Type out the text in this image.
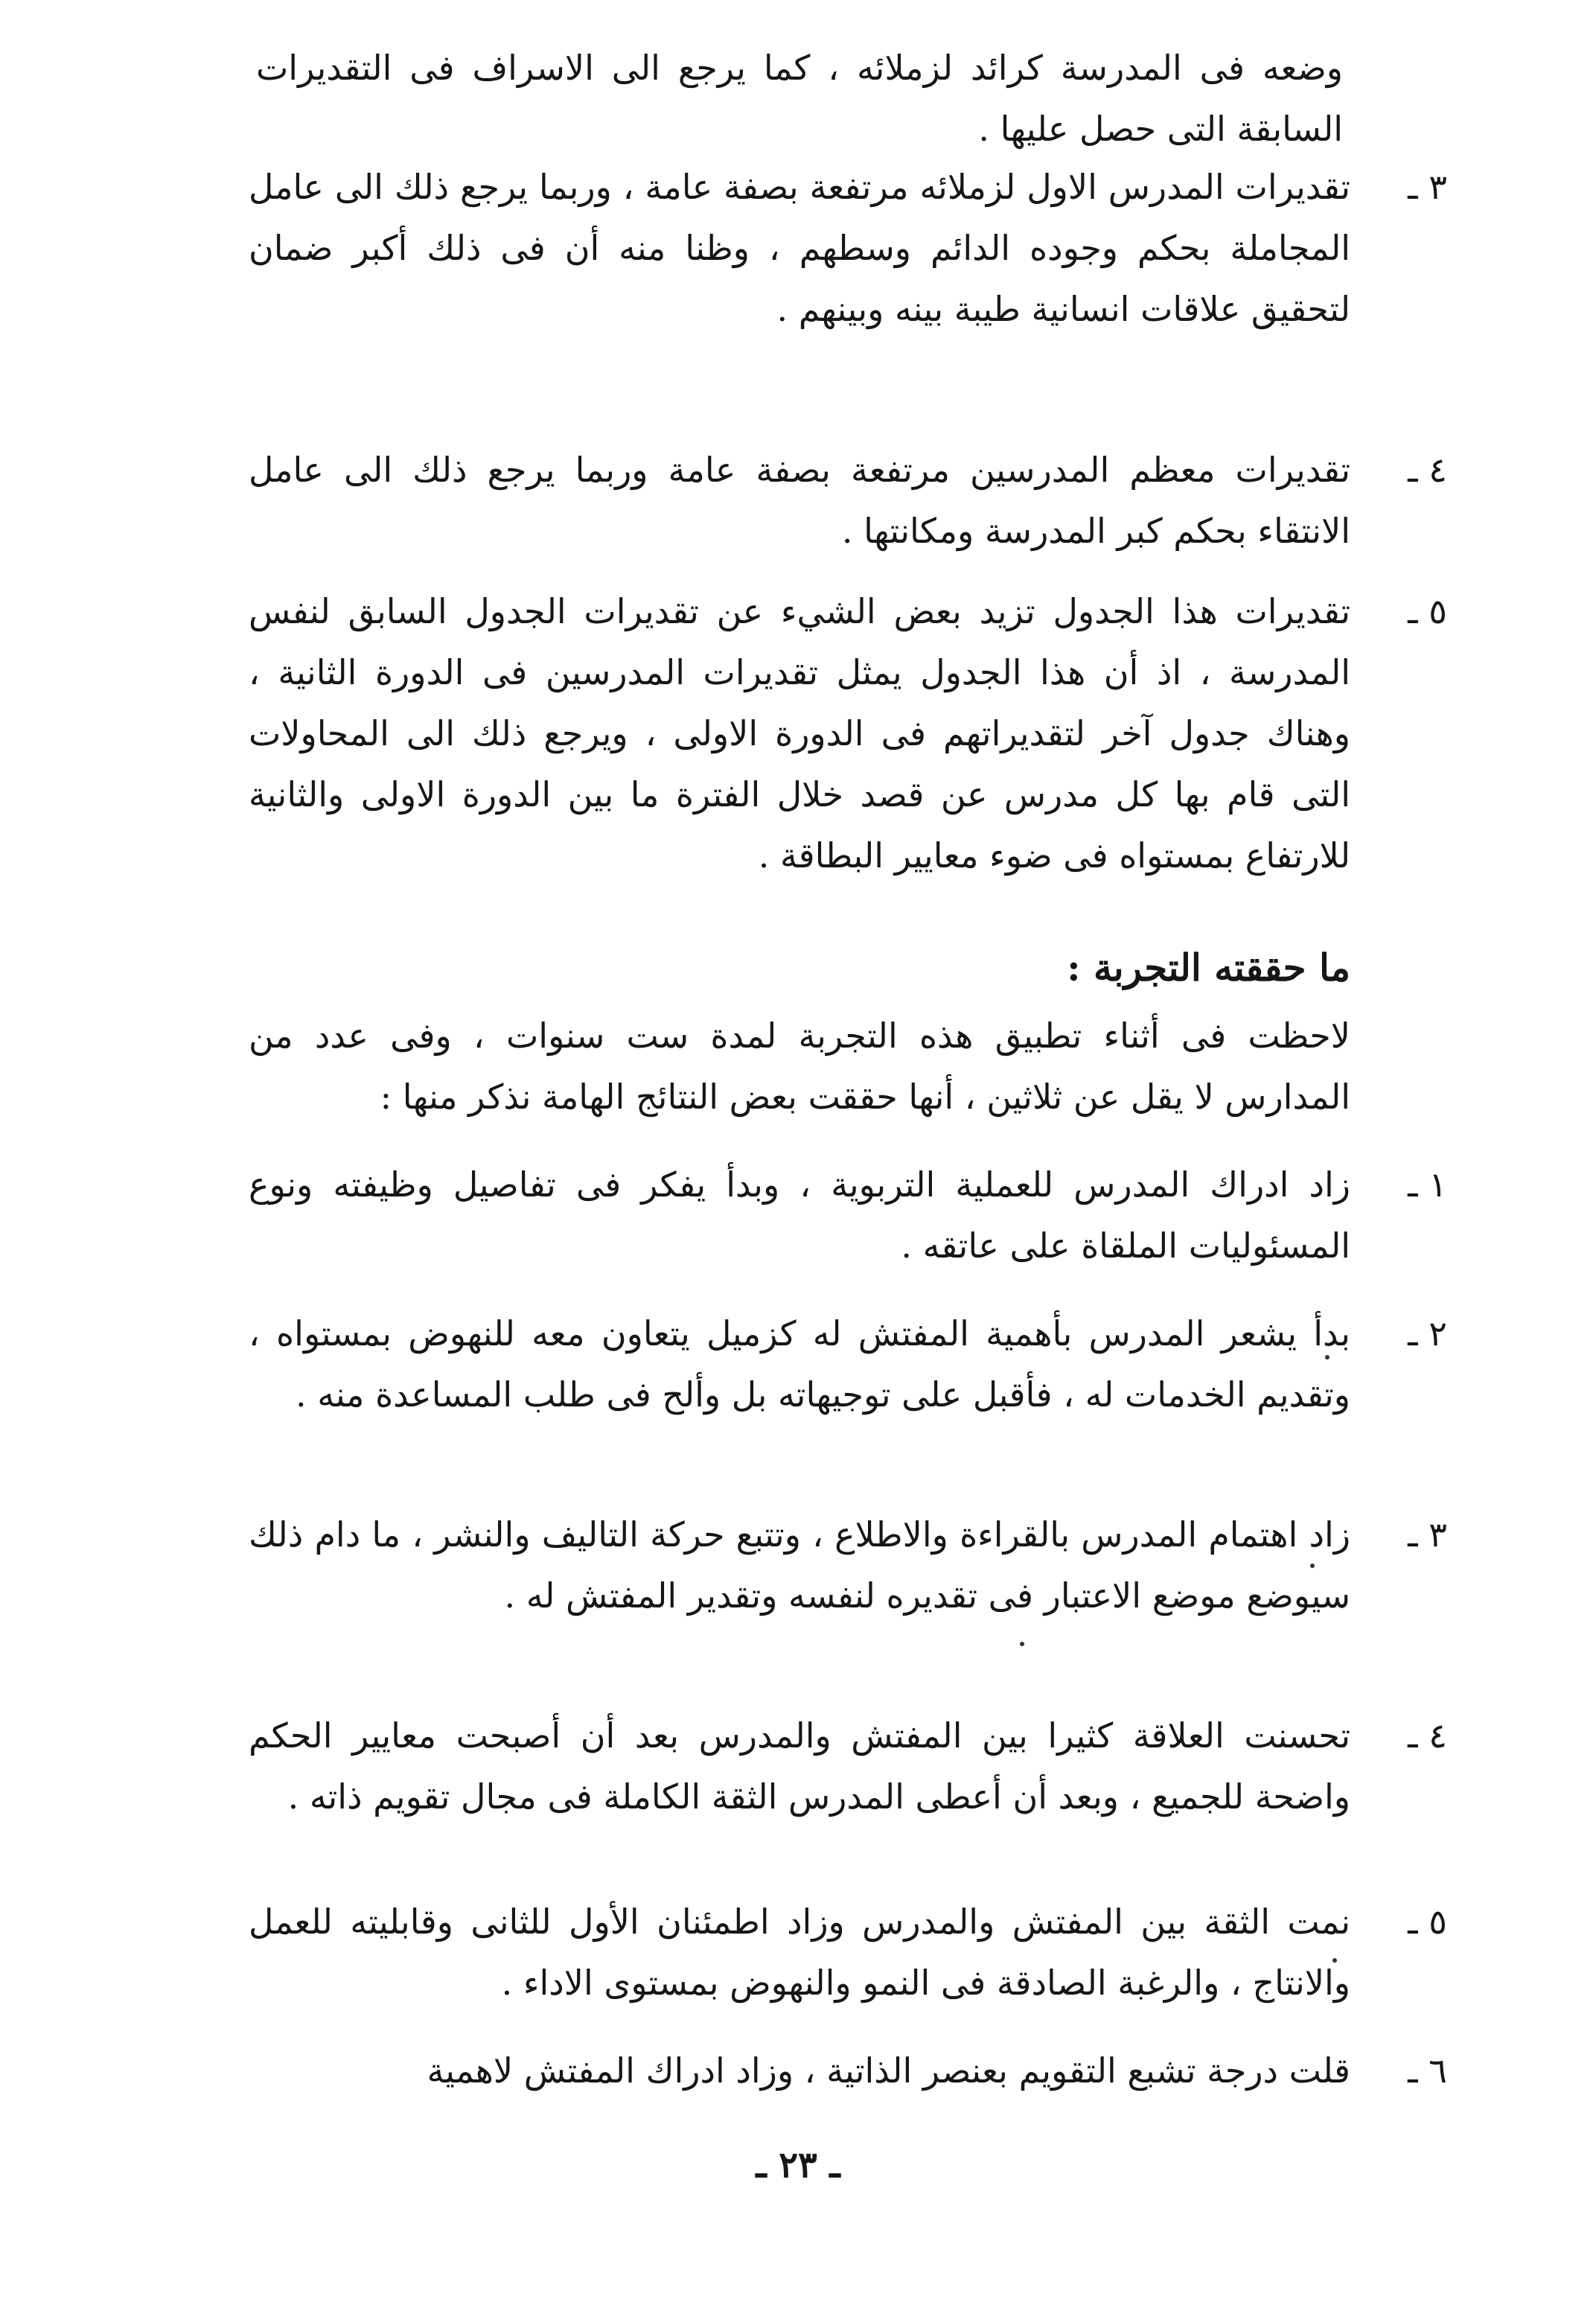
وضعه فى المدرسة كرائد لزملائه ، كما يرجع الى الاسراف فى التقديرات السابقة التى حصل عليها .
٣ ـ
تقديرات المدرس الاول لزملائه مرتفعة بصفة عامة ، وربما يرجع ذلك الى عامل المجاملة بحكم وجوده الدائم وسطهم ، وظنا منه أن فى ذلك أكبر ضمان لتحقيق علاقات انسانية طيبة بينه وبينهم .
٤ ـ
تقديرات معظم المدرسين مرتفعة بصفة عامة وربما يرجع ذلك الى عامل الانتقاء بحكم كبر المدرسة ومكانتها .
٥ ـ
تقديرات هذا الجدول تزيد بعض الشيء عن تقديرات الجدول السابق لنفس المدرسة ، اذ أن هذا الجدول يمثل تقديرات المدرسين فى الدورة الثانية ، وهناك جدول آخر لتقديراتهم فى الدورة الاولى ، ويرجع ذلك الى المحاولات التى قام بها كل مدرس عن قصد خلال الفترة ما بين الدورة الاولى والثانية للارتفاع بمستواه فى ضوء معايير البطاقة .
ما حققته التجربة :
لاحظت فى أثناء تطبيق هذه التجربة لمدة ست سنوات ، وفى عدد من المدارس لا يقل عن ثلاثين ، أنها حققت بعض النتائج الهامة نذكر منها :
١ ـ
زاد ادراك المدرس للعملية التربوية ، وبدأ يفكر فى تفاصيل وظيفته ونوع المسئوليات الملقاة على عاتقه .
٢ ـ
بدأ يشعر المدرس بأهمية المفتش له كزميل يتعاون معه للنهوض بمستواه ، وتقديم الخدمات له ، فأقبل على توجيهاته بل وألح فى طلب المساعدة منه .
٣ ـ
زاد اهتمام المدرس بالقراءة والاطلاع ، وتتبع حركة التاليف والنشر ، ما دام ذلك سيوضع موضع الاعتبار فى تقديره لنفسه وتقدير المفتش له .
٤ ـ
تحسنت العلاقة كثيرا بين المفتش والمدرس بعد أن أصبحت معايير الحكم واضحة للجميع ، وبعد أن أعطى المدرس الثقة الكاملة فى مجال تقويم ذاته .
٥ ـ
نمت الثقة بين المفتش والمدرس وزاد اطمئنان الأول للثانى وقابليته للعمل والانتاج ، والرغبة الصادقة فى النمو والنهوض بمستوى الاداء .
٦ ـ
قلت درجة تشبع التقويم بعنصر الذاتية ، وزاد ادراك المفتش لاهمية
ـ ٢٣ ـ
